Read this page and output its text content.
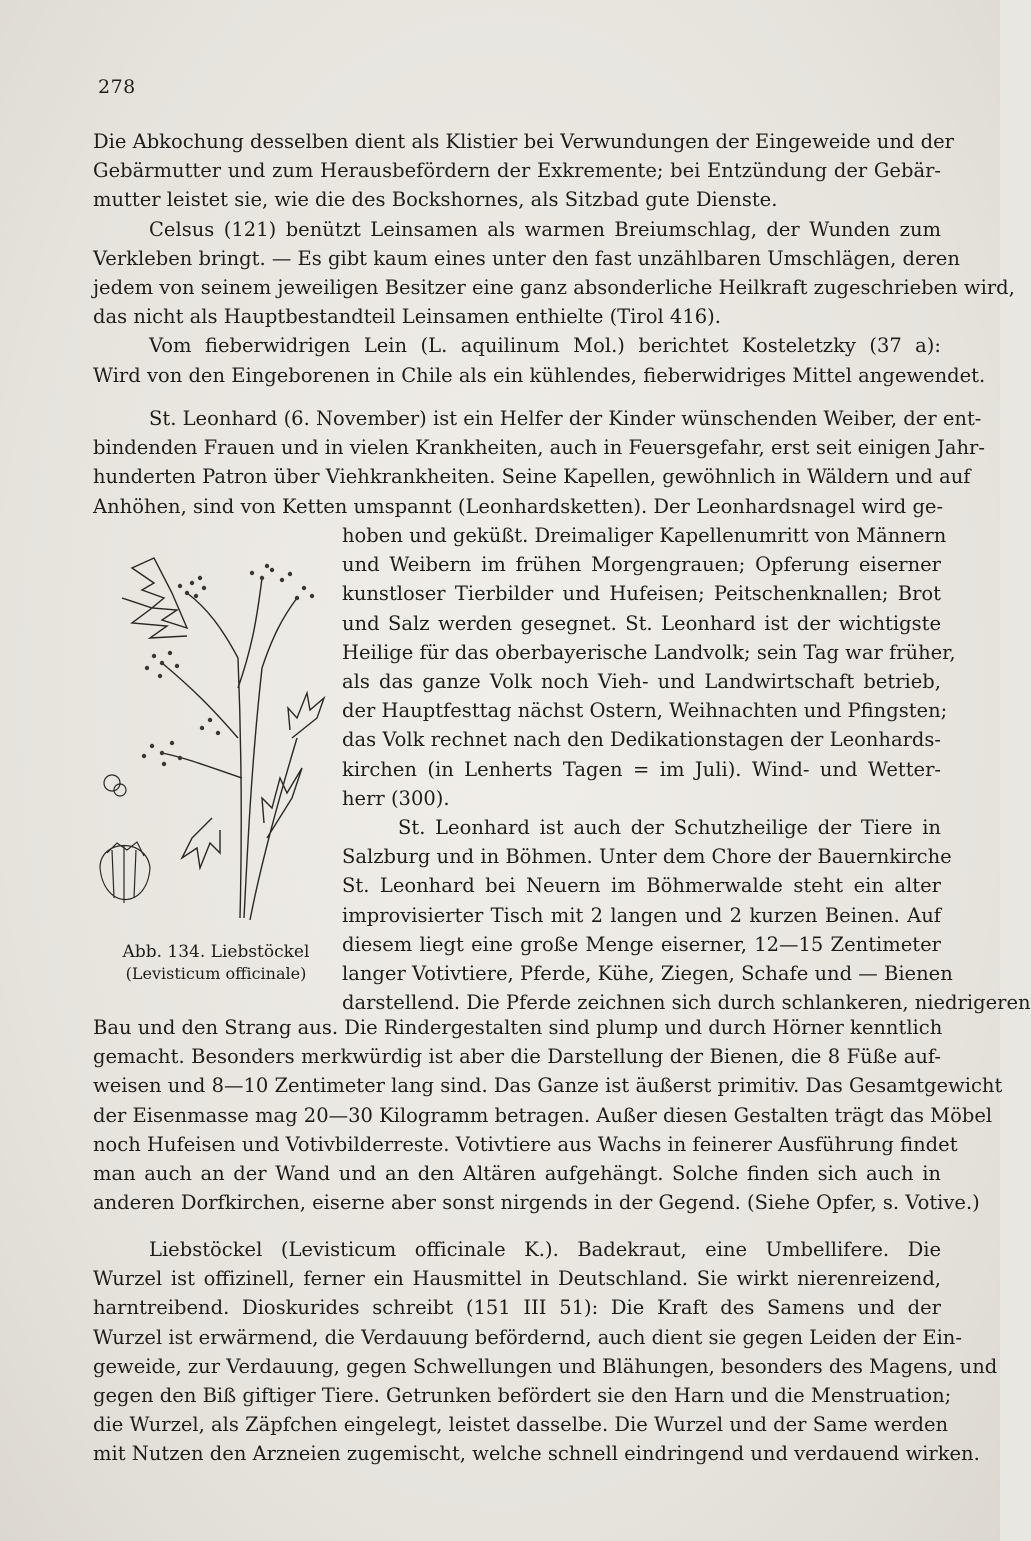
278
Die Abkochung desselben dient als Klistier bei Verwundungen der Eingeweide und der
Gebärmutter und zum Herausbefördern der Exkremente; bei Entzündung der Gebär-
mutter leistet sie, wie die des Bockshornes, als Sitzbad gute Dienste.
Celsus (121) benützt Leinsamen als warmen Breiumschlag, der Wunden zum
Verkleben bringt. — Es gibt kaum eines unter den fast unzählbaren Umschlägen, deren
jedem von seinem jeweiligen Besitzer eine ganz absonderliche Heilkraft zugeschrieben wird,
das nicht als Hauptbestandteil Leinsamen enthielte (Tirol 416).
Vom fieberwidrigen Lein (L. aquilinum Mol.) berichtet Kosteletzky (37 a):
Wird von den Eingeborenen in Chile als ein kühlendes, fieberwidriges Mittel angewendet.
St. Leonhard (6. November) ist ein Helfer der Kinder wünschenden Weiber, der ent-
bindenden Frauen und in vielen Krankheiten, auch in Feuersgefahr, erst seit einigen Jahr-
hunderten Patron über Viehkrankheiten. Seine Kapellen, gewöhnlich in Wäldern und auf
Anhöhen, sind von Ketten umspannt (Leonhardsketten). Der Leonhardsnagel wird ge-
hoben und geküßt. Dreimaliger Kapellenumritt von Männern
und Weibern im frühen Morgengrauen; Opferung eiserner
kunstloser Tierbilder und Hufeisen; Peitschenknallen; Brot
und Salz werden gesegnet. St. Leonhard ist der wichtigste
Heilige für das oberbayerische Landvolk; sein Tag war früher,
als das ganze Volk noch Vieh- und Landwirtschaft betrieb,
der Hauptfesttag nächst Ostern, Weihnachten und Pfingsten;
das Volk rechnet nach den Dedikationstagen der Leonhards-
kirchen (in Lenherts Tagen = im Juli). Wind- und Wetter-
herr (300).
St. Leonhard ist auch der Schutzheilige der Tiere in
Salzburg und in Böhmen. Unter dem Chore der Bauernkirche
St. Leonhard bei Neuern im Böhmerwalde steht ein alter
improvisierter Tisch mit 2 langen und 2 kurzen Beinen. Auf
diesem liegt eine große Menge eiserner, 12—15 Zentimeter
langer Votivtiere, Pferde, Kühe, Ziegen, Schafe und — Bienen
darstellend. Die Pferde zeichnen sich durch schlankeren, niedrigeren
Bau und den Strang aus. Die Rindergestalten sind plump und durch Hörner kenntlich
gemacht. Besonders merkwürdig ist aber die Darstellung der Bienen, die 8 Füße auf-
weisen und 8—10 Zentimeter lang sind. Das Ganze ist äußerst primitiv. Das Gesamtgewicht
der Eisenmasse mag 20—30 Kilogramm betragen. Außer diesen Gestalten trägt das Möbel
noch Hufeisen und Votivbilderreste. Votivtiere aus Wachs in feinerer Ausführung findet
man auch an der Wand und an den Altären aufgehängt. Solche finden sich auch in
anderen Dorfkirchen, eiserne aber sonst nirgends in der Gegend. (Siehe Opfer, s. Votive.)
Liebstöckel (Levisticum officinale K.). Badekraut, eine Umbellifere. Die
Wurzel ist offizinell, ferner ein Hausmittel in Deutschland. Sie wirkt nierenreizend,
harntreibend. Dioskurides schreibt (151 III 51): Die Kraft des Samens und der
Wurzel ist erwärmend, die Verdauung befördernd, auch dient sie gegen Leiden der Ein-
geweide, zur Verdauung, gegen Schwellungen und Blähungen, besonders des Magens, und
gegen den Biß giftiger Tiere. Getrunken befördert sie den Harn und die Menstruation;
die Wurzel, als Zäpfchen eingelegt, leistet dasselbe. Die Wurzel und der Same werden
mit Nutzen den Arzneien zugemischt, welche schnell eindringend und verdauend wirken.
Abb. 134. Liebstöckel
(Levisticum officinale)
